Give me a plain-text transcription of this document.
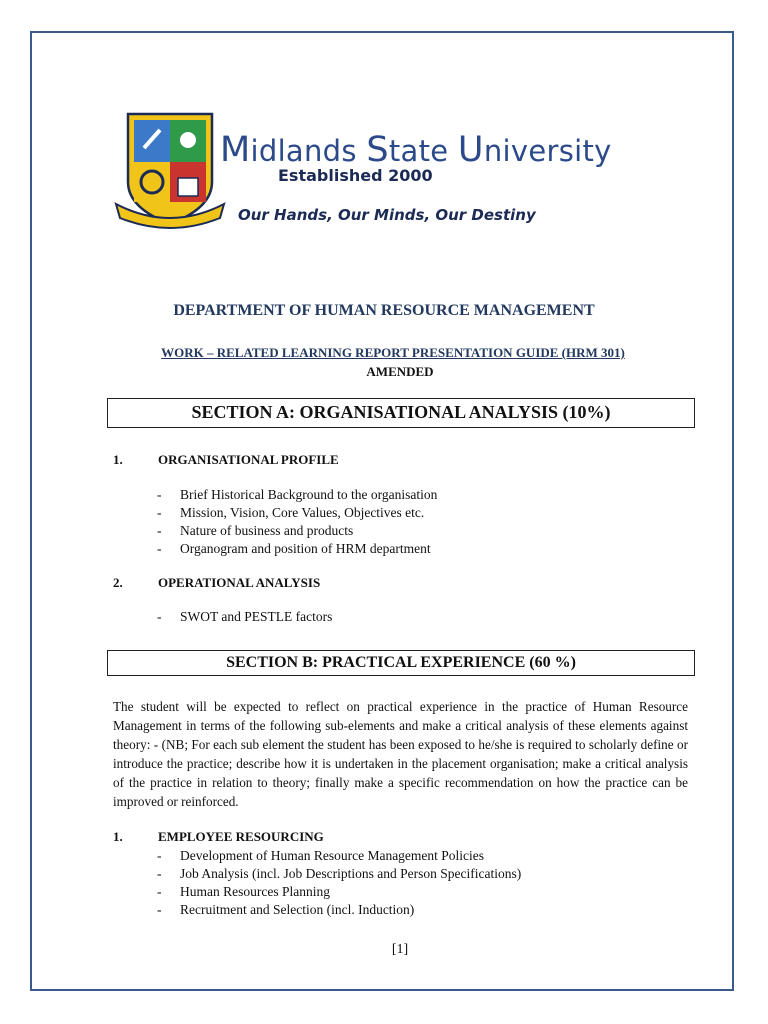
Midlands State University
Established 2000
Our Hands, Our Minds, Our Destiny
DEPARTMENT OF HUMAN RESOURCE MANAGEMENT
WORK – RELATED LEARNING REPORT PRESENTATION GUIDE (HRM 301)
AMENDED
SECTION A: ORGANISATIONAL ANALYSIS (10%)
1.	ORGANISATIONAL PROFILE
- Brief Historical Background to the organisation
- Mission, Vision, Core Values, Objectives etc.
- Nature of business and products
- Organogram and position of HRM department
2.	OPERATIONAL ANALYSIS
- SWOT and PESTLE factors
SECTION B: PRACTICAL EXPERIENCE (60 %)

The student will be expected to reflect on practical experience in the practice of Human Resource Management in terms of the following sub-elements and make a critical analysis of these elements against theory: - (NB; For each sub element the student has been exposed to he/she is required to scholarly define or introduce the practice; describe how it is undertaken in the placement organisation; make a critical analysis of the practice in relation to theory; finally make a specific recommendation on how the practice can be improved or reinforced.

1.	EMPLOYEE RESOURCING
- Development of Human Resource Management Policies
- Job Analysis (incl. Job Descriptions and Person Specifications)
- Human Resources Planning
- Recruitment and Selection (incl. Induction)
[1]
